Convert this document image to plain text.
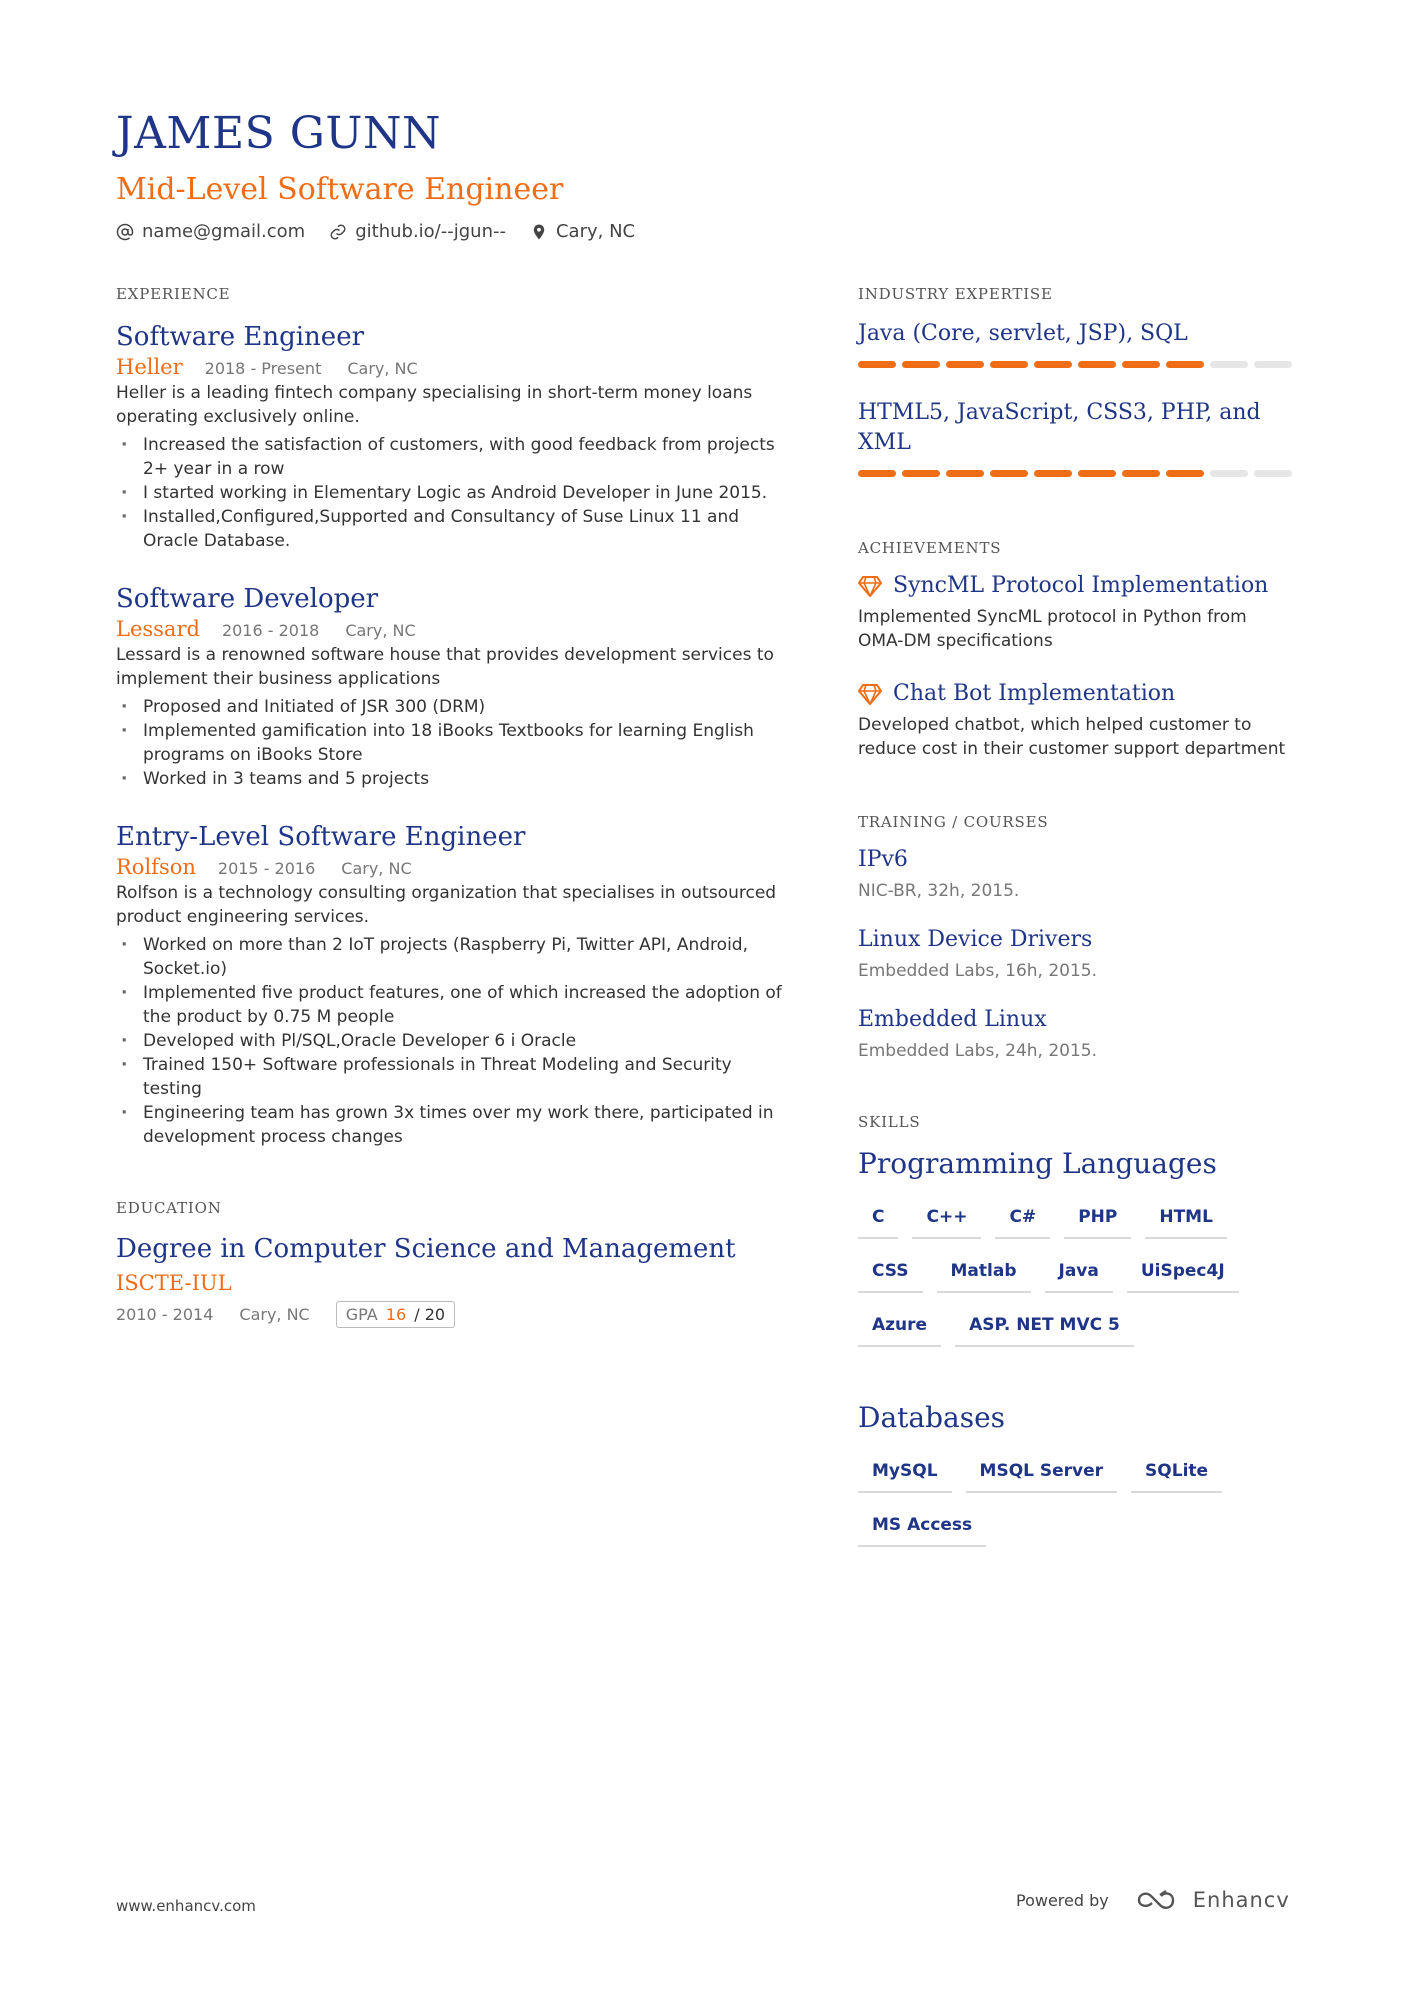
JAMES GUNN
Mid-Level Software Engineer
name@gmail.com	github.io/--jgun--	Cary, NC
EXPERIENCE
Software Engineer
Heller 2018 - Present Cary, NC
Heller is a leading fintech company specialising in short-term money loans operating exclusively online.
· Increased the satisfaction of customers, with good feedback from projects 2+ year in a row
· I started working in Elementary Logic as Android Developer in June 2015.
· Installed,Configured,Supported and Consultancy of Suse Linux 11 and Oracle Database.
Software Developer
Lessard 2016 - 2018 Cary, NC
Lessard is a renowned software house that provides development services to implement their business applications
· Proposed and Initiated of JSR 300 (DRM)
· Implemented gamification into 18 iBooks Textbooks for learning English programs on iBooks Store
· Worked in 3 teams and 5 projects
Entry-Level Software Engineer
Rolfson 2015 - 2016 Cary, NC
Rolfson is a technology consulting organization that specialises in outsourced product engineering services.
· Worked on more than 2 IoT projects (Raspberry Pi, Twitter API, Android, Socket.io)
· Implemented five product features, one of which increased the adoption of the product by 0.75 M people
· Developed with Pl/SQL,Oracle Developer 6 i Oracle
· Trained 150+ Software professionals in Threat Modeling and Security testing
· Engineering team has grown 3x times over my work there, participated in development process changes
EDUCATION
Degree in Computer Science and Management
ISCTE-IUL
2010 - 2014 Cary, NC	GPA 16 / 20
INDUSTRY EXPERTISE
Java (Core, servlet, JSP), SQL
HTML5, JavaScript, CSS3, PHP, and XML
ACHIEVEMENTS
SyncML Protocol Implementation
Implemented SyncML protocol in Python from OMA-DM specifications
Chat Bot Implementation
Developed chatbot, which helped customer to reduce cost in their customer support department
TRAINING / COURSES
IPv6
NIC-BR, 32h, 2015.
Linux Device Drivers
Embedded Labs, 16h, 2015.
Embedded Linux
Embedded Labs, 24h, 2015.
SKILLS
Programming Languages
C	C++	C#	PHP	HTML
CSS	Matlab	Java	UiSpec4J
Azure	ASP. NET MVC 5
Databases
MySQL	MSQL Server	SQLite
MS Access
www.enhancv.com	Powered by	Enhancv
